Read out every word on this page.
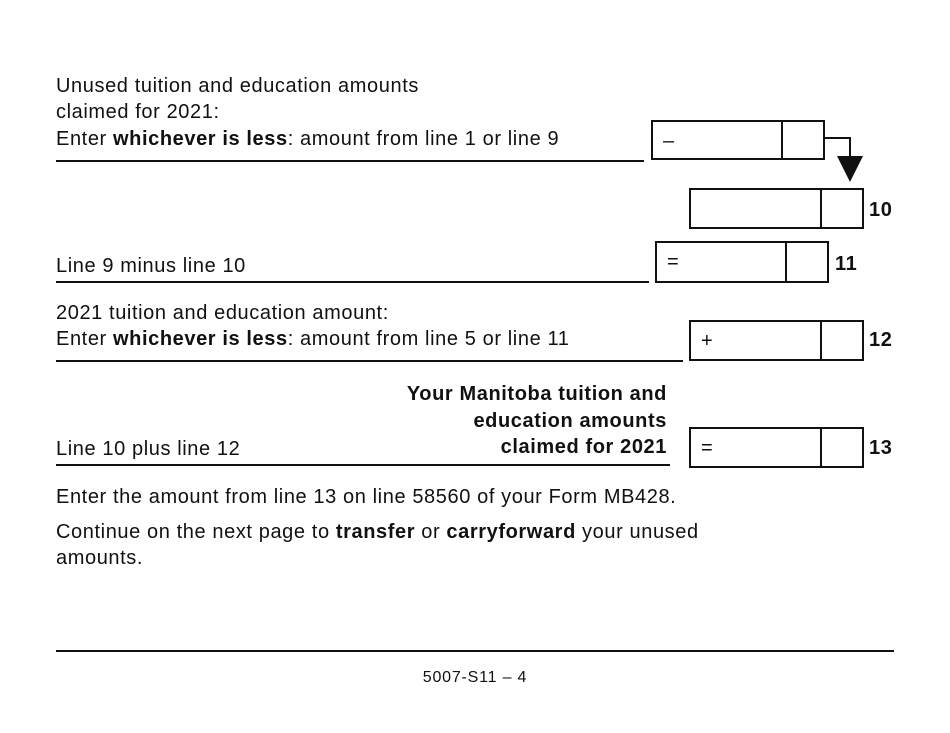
Unused tuition and education amounts
claimed for 2021:
Enter whichever is less: amount from line 1 or line 9	–
10
Line 9 minus line 10	=	11
2021 tuition and education amount:
Enter whichever is less: amount from line 5 or line 11	+	12
Your Manitoba tuition and
education amounts
claimed for 2021
Line 10 plus line 12	=	13
Enter the amount from line 13 on line 58560 of your Form MB428.
Continue on the next page to transfer or carryforward your unused
amounts.
5007-S11 – 4
